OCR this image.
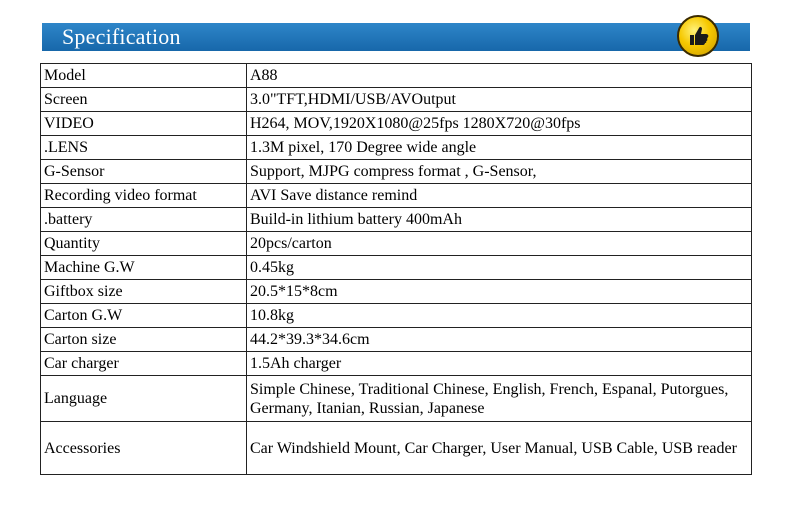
Specification
Model	A88
Screen	3.0"TFT,HDMI/USB/AVOutput
VIDEO	H264, MOV,1920X1080@25fps 1280X720@30fps
.LENS	1.3M pixel, 170 Degree wide angle
G-Sensor	Support, MJPG compress format , G-Sensor,
Recording video format	AVI Save distance remind
.battery	Build-in lithium battery 400mAh
Quantity	20pcs/carton
Machine G.W	0.45kg
Giftbox size	20.5*15*8cm
Carton G.W	10.8kg
Carton size	44.2*39.3*34.6cm
Car charger	1.5Ah charger
Language	Simple Chinese, Traditional Chinese, English, French, Espanal, Putorgues, Germany, Itanian, Russian, Japanese
Accessories	Car Windshield Mount, Car Charger, User Manual, USB Cable, USB reader
